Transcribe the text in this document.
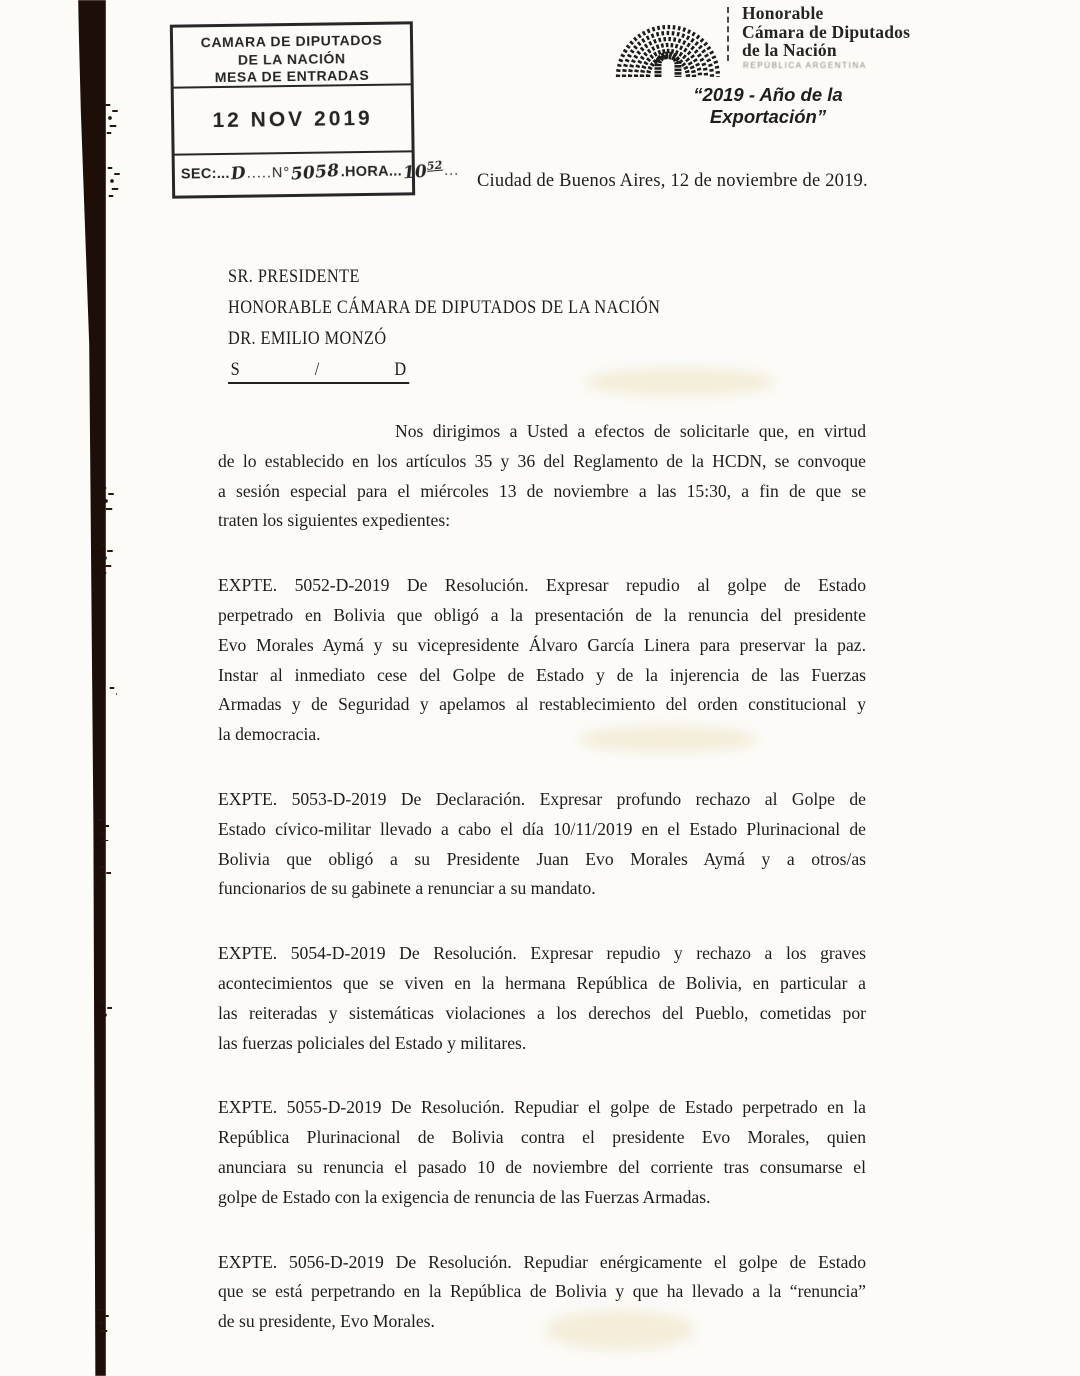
CAMARA DE DIPUTADOS
DE LA NACIÓN
MESA DE ENTRADAS
12 NOV 2019
SEC:... D .....N° 5058 .HORA... $10^{52}$ ...
Honorable
Cámara de Diputados
de la Nación
REPÚBLICA ARGENTINA
“2019 - Año de la Exportación”
Ciudad de Buenos Aires, 12 de noviembre de 2019.
SR. PRESIDENTE
HONORABLE CÁMARA DE DIPUTADOS DE LA NACIÓN
DR. EMILIO MONZÓ
S	/	D
Nos dirigimos a Usted a efectos de solicitarle que, en virtud
de lo establecido en los artículos 35 y 36 del Reglamento de la HCDN, se convoque
a sesión especial para el miércoles 13 de noviembre a las 15:30, a fin de que se
traten los siguientes expedientes:
EXPTE. 5052-D-2019 De Resolución. Expresar repudio al golpe de Estado
perpetrado en Bolivia que obligó a la presentación de la renuncia del presidente
Evo Morales Aymá y su vicepresidente Álvaro García Linera para preservar la paz.
Instar al inmediato cese del Golpe de Estado y de la injerencia de las Fuerzas
Armadas y de Seguridad y apelamos al restablecimiento del orden constitucional y
la democracia.
EXPTE. 5053-D-2019 De Declaración. Expresar profundo rechazo al Golpe de
Estado cívico-militar llevado a cabo el día 10/11/2019 en el Estado Plurinacional de
Bolivia que obligó a su Presidente Juan Evo Morales Aymá y a otros/as
funcionarios de su gabinete a renunciar a su mandato.
EXPTE. 5054-D-2019 De Resolución. Expresar repudio y rechazo a los graves
acontecimientos que se viven en la hermana República de Bolivia, en particular a
las reiteradas y sistemáticas violaciones a los derechos del Pueblo, cometidas por
las fuerzas policiales del Estado y militares.
EXPTE. 5055-D-2019 De Resolución. Repudiar el golpe de Estado perpetrado en la
República Plurinacional de Bolivia contra el presidente Evo Morales, quien
anunciara su renuncia el pasado 10 de noviembre del corriente tras consumarse el
golpe de Estado con la exigencia de renuncia de las Fuerzas Armadas.
EXPTE. 5056-D-2019 De Resolución. Repudiar enérgicamente el golpe de Estado
que se está perpetrando en la República de Bolivia y que ha llevado a la “renuncia”
de su presidente, Evo Morales.
